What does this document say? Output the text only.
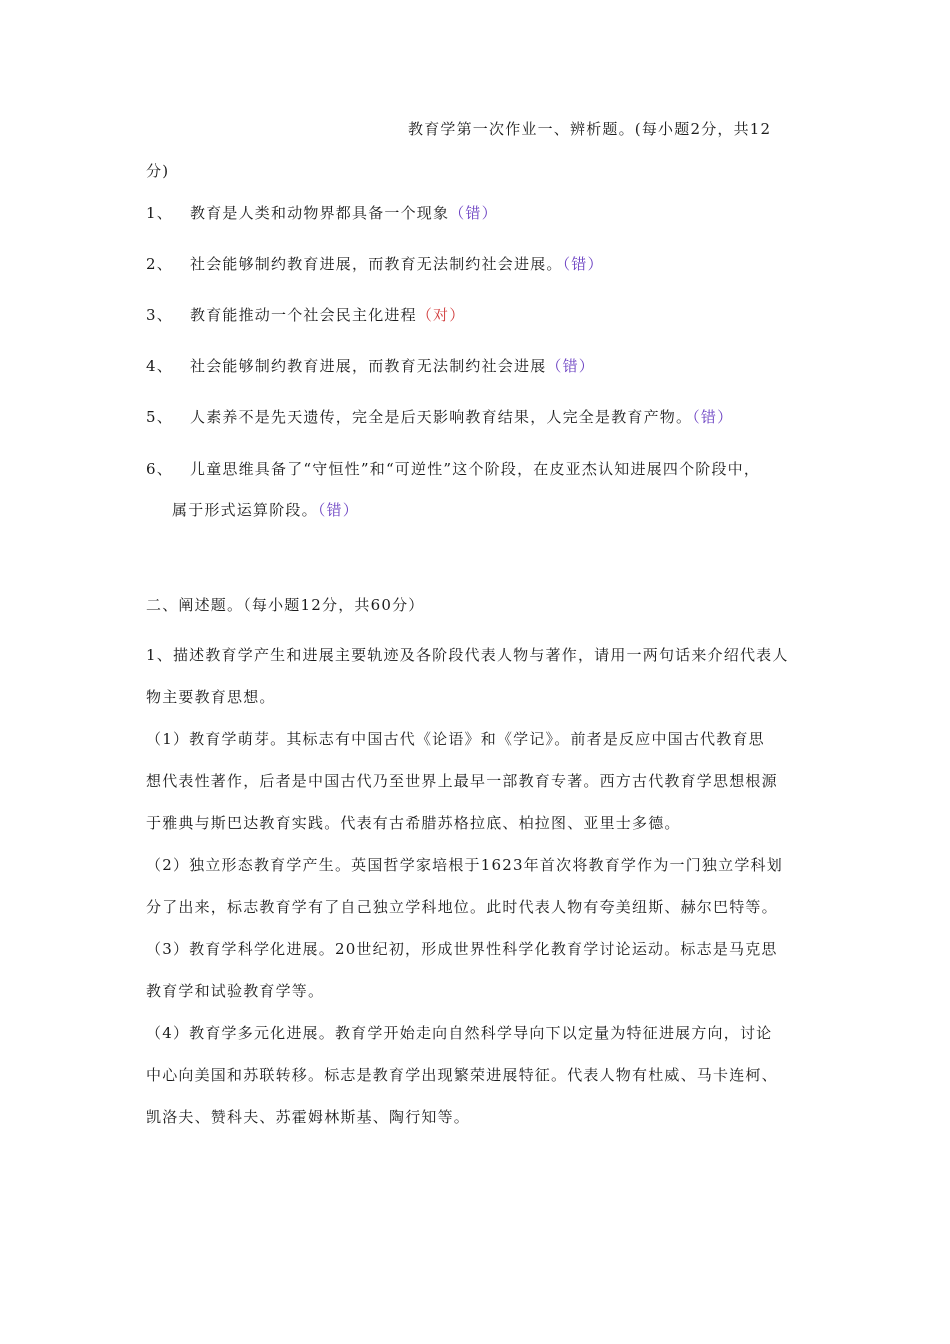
教育学第一次作业一、辨析题。(每小题2分，共12
分)
1、 教育是人类和动物界都具备一个现象（错）
2、 社会能够制约教育进展，而教育无法制约社会进展。（错）
3、 教育能推动一个社会民主化进程（对）
4、 社会能够制约教育进展，而教育无法制约社会进展（错）
5、 人素养不是先天遗传，完全是后天影响教育结果，人完全是教育产物。（错）
6、 儿童思维具备了“守恒性”和“可逆性”这个阶段，在皮亚杰认知进展四个阶段中，
属于形式运算阶段。（错）
二、阐述题。（每小题12分，共60分）
1、描述教育学产生和进展主要轨迹及各阶段代表人物与著作，请用一两句话来介绍代表人
物主要教育思想。
（1）教育学萌芽。其标志有中国古代《论语》和《学记》。前者是反应中国古代教育思
想代表性著作，后者是中国古代乃至世界上最早一部教育专著。西方古代教育学思想根源
于雅典与斯巴达教育实践。代表有古希腊苏格拉底、柏拉图、亚里士多德。
（2）独立形态教育学产生。英国哲学家培根于1623年首次将教育学作为一门独立学科划
分了出来，标志教育学有了自己独立学科地位。此时代表人物有夸美纽斯、赫尔巴特等。
（3）教育学科学化进展。20世纪初，形成世界性科学化教育学讨论运动。标志是马克思
教育学和试验教育学等。
（4）教育学多元化进展。教育学开始走向自然科学导向下以定量为特征进展方向，讨论
中心向美国和苏联转移。标志是教育学出现繁荣进展特征。代表人物有杜威、马卡连柯、
凯洛夫、赞科夫、苏霍姆林斯基、陶行知等。
